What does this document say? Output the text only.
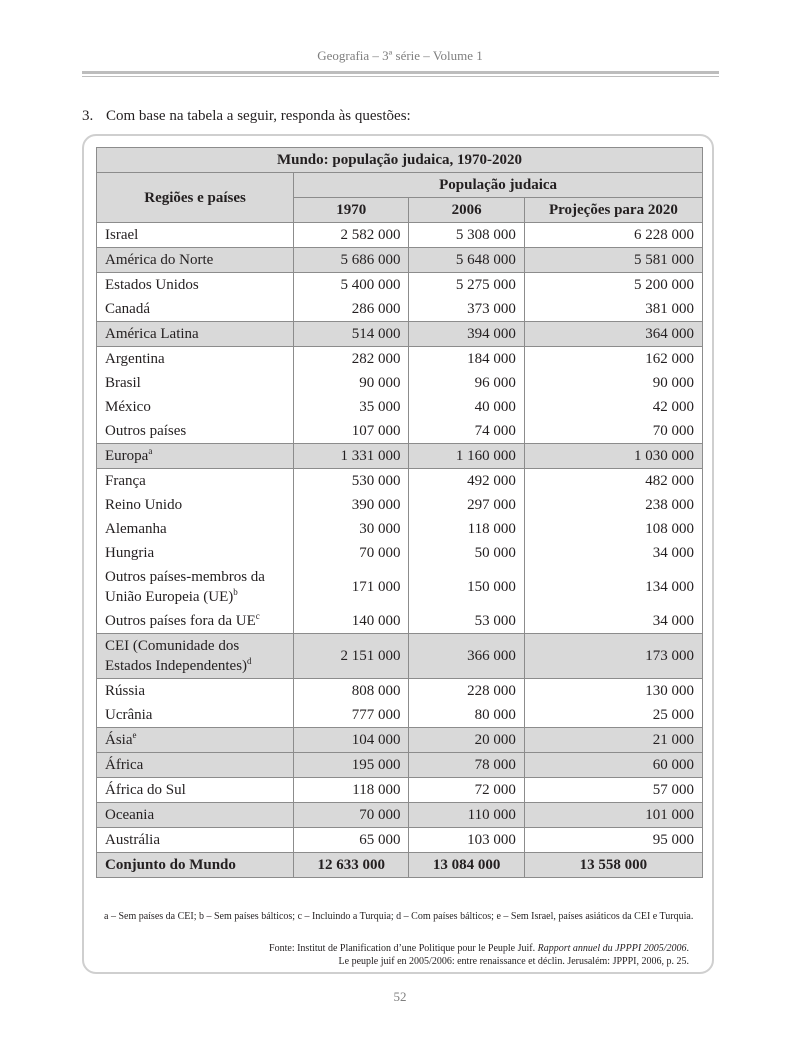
Geografia – 3ª série – Volume 1
3. Com base na tabela a seguir, responda às questões:
Mundo: população judaica, 1970-2020			
Regiões e países	População judaica		
	1970	2006	Projeções para 2020
Israel	2 582 000	5 308 000	6 228 000
América do Norte	5 686 000	5 648 000	5 581 000
Estados Unidos	5 400 000	5 275 000	5 200 000
Canadá	286 000	373 000	381 000
América Latina	514 000	394 000	364 000
Argentina	282 000	184 000	162 000
Brasil	90 000	96 000	90 000
México	35 000	40 000	42 000
Outros países	107 000	74 000	70 000
Europa$^a$	1 331 000	1 160 000	1 030 000
França	530 000	492 000	482 000
Reino Unido	390 000	297 000	238 000
Alemanha	30 000	118 000	108 000
Hungria	70 000	50 000	34 000
Outros países-membros da União Europeia (UE)$^b$	171 000	150 000	134 000
Outros países fora da $UE^c$	140 000	53 000	34 000
CEI (Comunidade dos Estados Independentes)$^d$	2 151 000	366 000	173 000
Rússia	808 000	228 000	130 000
Ucrânia	777 000	80 000	25 000
Ásia$^e$	104 000	20 000	21 000
África	195 000	78 000	60 000
África do Sul	118 000	72 000	57 000
Oceania	70 000	110 000	101 000
Austrália	65 000	103 000	95 000
Conjunto do Mundo	12 633 000	13 084 000	13 558 000
a – Sem países da CEI; b – Sem países bálticos; c – Incluindo a Turquia; d – Com países bálticos; e – Sem Israel, países asiáticos da CEI e Turquia.
Fonte: Institut de Planification d’une Politique pour le Peuple Juif. Rapport annuel du JPPPI 2005/2006.
Le peuple juif en 2005/2006: entre renaissance et déclin. Jerusalém: JPPPI, 2006, p. 25.
52
